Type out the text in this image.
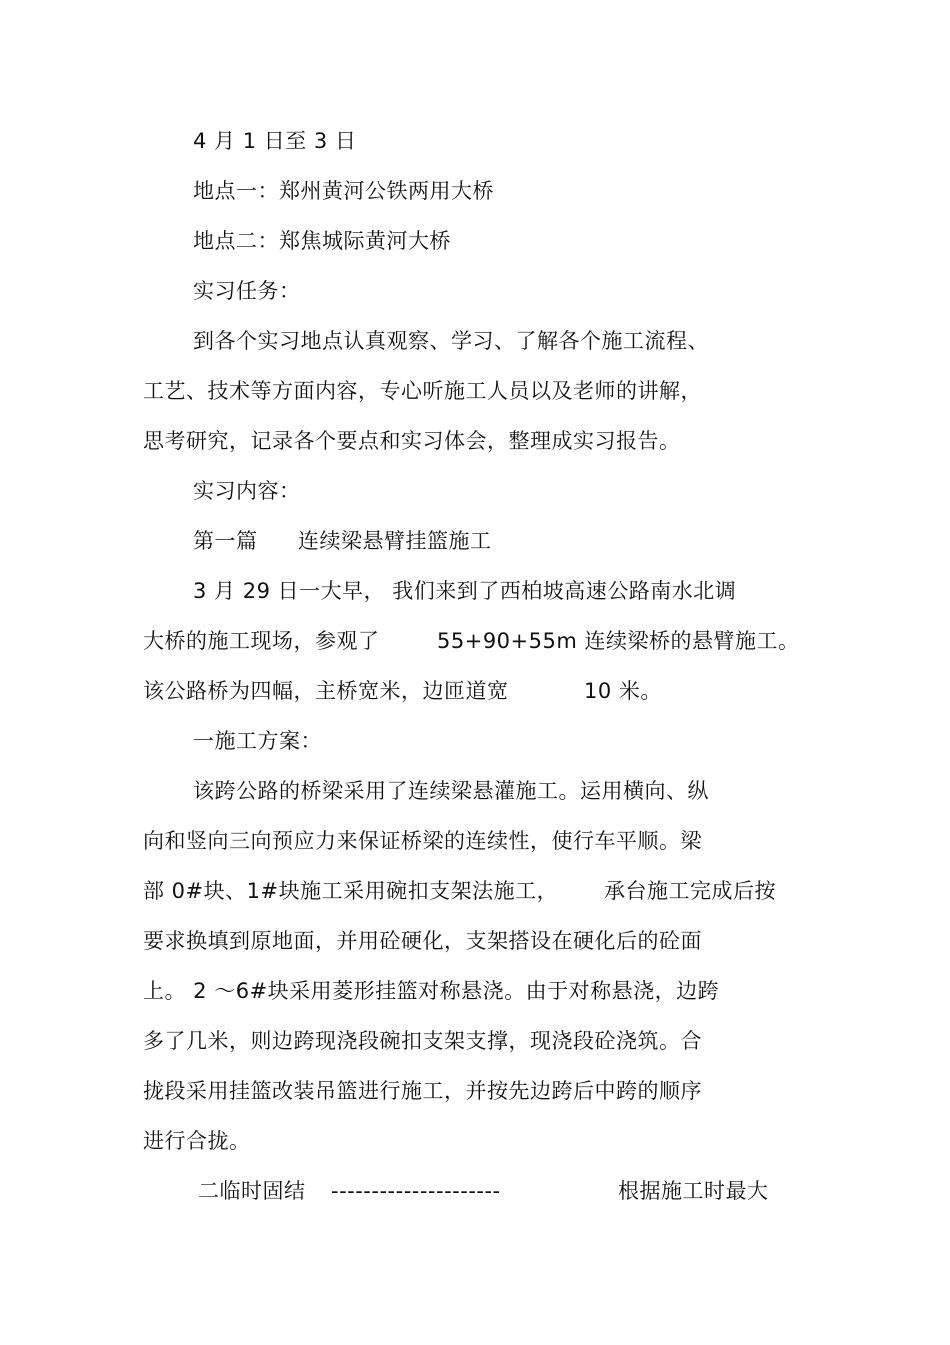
4 月 1 日至 3 日
地点一：郑州黄河公铁两用大桥
地点二：郑焦城际黄河大桥
实习任务：
到各个实习地点认真观察、学习、了解各个施工流程、
工艺、技术等方面内容，专心听施工人员以及老师的讲解，
思考研究，记录各个要点和实习体会，整理成实习报告。
实习内容：
第一篇 连续梁悬臂挂篮施工
3 月 29 日一大早， 我们来到了西柏坡高速公路南水北调
大桥的施工现场，参观了	55+90+55m 连续梁桥的悬臂施工。
该公路桥为四幅，主桥宽米，边匝道宽	10 米。
一施工方案：
该跨公路的桥梁采用了连续梁悬灌施工。运用横向、纵
向和竖向三向预应力来保证桥梁的连续性，使行车平顺。梁
部 0#块、1#块施工采用碗扣支架法施工， 承台施工完成后按
要求换填到原地面，并用砼硬化，支架搭设在硬化后的砼面
上。 2 ～6#块采用菱形挂篮对称悬浇。由于对称悬浇，边跨
多了几米，则边跨现浇段碗扣支架支撑，现浇段砼浇筑。合
拢段采用挂篮改装吊篮进行施工，并按先边跨后中跨的顺序
进行合拢。
二临时固结 ---------------------	根据施工时最大
